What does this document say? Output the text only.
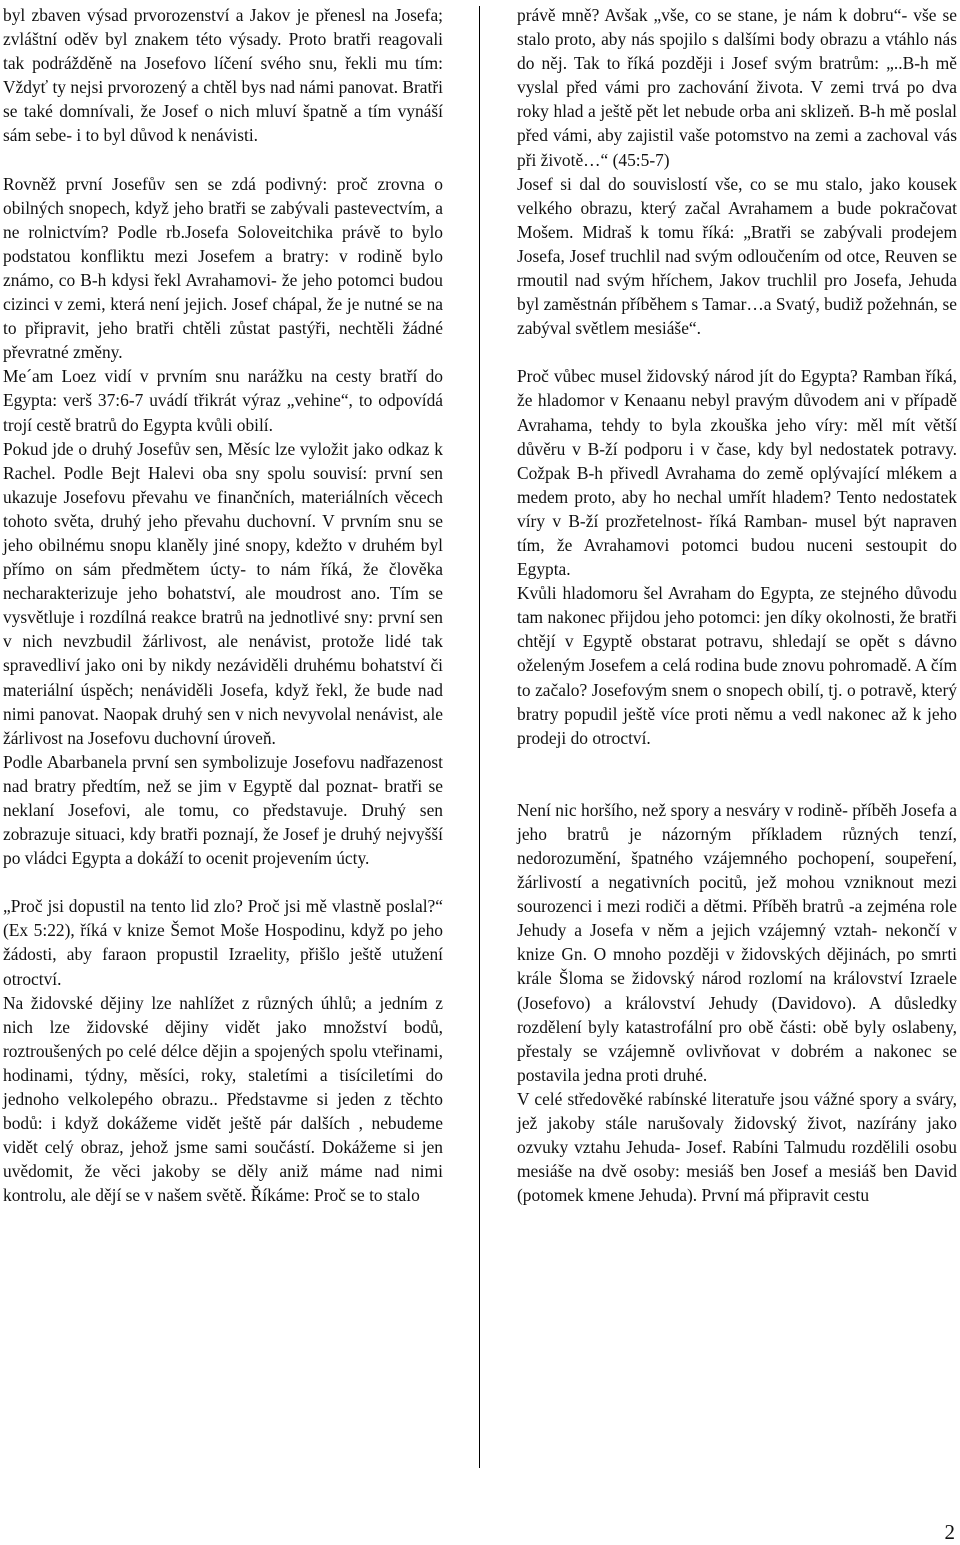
byl zbaven výsad prvorozenství a Jakov je přenesl na Josefa; zvláštní oděv byl znakem této výsady. Proto bratři reagovali tak podrážděně na Josefovo líčení svého snu, řekli mu tím: Vždyť ty nejsi prvorozený a chtěl bys nad námi panovat. Bratři se také domnívali, že Josef o nich mluví špatně a tím vynáší sám sebe- i to byl důvod k nenávisti.

Rovněž první Josefův sen se zdá podivný: proč zrovna o obilných snopech, když jeho bratři se zabývali pastevectvím, a ne rolnictvím? Podle rb.Josefa Soloveitchika právě to bylo podstatou konfliktu mezi Josefem a bratry: v rodině bylo známo, co B-h kdysi řekl Avrahamovi- že jeho potomci budou cizinci v zemi, která není jejich. Josef chápal, že je nutné se na to připravit, jeho bratři chtěli zůstat pastýři, nechtěli žádné převratné změny.

Me´am Loez vidí v prvním snu narážku na cesty bratří do Egypta: verš 37:6-7 uvádí třikrát výraz „vehine“, to odpovídá trojí cestě bratrů do Egypta kvůli obilí.

Pokud jde o druhý Josefův sen, Měsíc lze vyložit jako odkaz k Rachel. Podle Bejt Halevi oba sny spolu souvisí: první sen ukazuje Josefovu převahu ve finančních, materiálních věcech tohoto světa, druhý jeho převahu duchovní. V prvním snu se jeho obilnému snopu klaněly jiné snopy, kdežto v druhém byl přímo on sám předmětem úcty- to nám říká, že člověka necharakterizuje jeho bohatství, ale moudrost ano. Tím se vysvětluje i rozdílná reakce bratrů na jednotlivé sny: první sen v nich nevzbudil žárlivost, ale nenávist, protože lidé tak spravedliví jako oni by nikdy nezáviděli druhému bohatství či materiální úspěch; nenáviděli Josefa, když řekl, že bude nad nimi panovat. Naopak druhý sen v nich nevyvolal nenávist, ale žárlivost na Josefovu duchovní úroveň.

Podle Abarbanela první sen symbolizuje Josefovu nadřazenost nad bratry předtím, než se jim v Egyptě dal poznat- bratři se neklaní Josefovi, ale tomu, co představuje. Druhý sen zobrazuje situaci, kdy bratři poznají, že Josef je druhý nejvyšší po vládci Egypta a dokáží to ocenit projevením úcty.

„Proč jsi dopustil na tento lid zlo? Proč jsi mě vlastně poslal?“ (Ex 5:22), říká v knize Šemot Moše Hospodinu, když po jeho žádosti, aby faraon propustil Izraelity, přišlo ještě utužení otroctví.

Na židovské dějiny lze nahlížet z různých úhlů; a jedním z nich lze židovské dějiny vidět jako množství bodů, roztroušených po celé délce dějin a spojených spolu vteřinami, hodinami, týdny, měsíci, roky, staletími a tisíciletími do jednoho velkolepého obrazu.. Představme si jeden z těchto bodů: i když dokážeme vidět ještě pár dalších , nebudeme vidět celý obraz, jehož jsme sami součástí. Dokážeme si jen uvědomit, že věci jakoby se děly aniž máme nad nimi kontrolu, ale dějí se v našem světě. Říkáme: Proč se to stalo

právě mně? Avšak „vše, co se stane, je nám k dobru“- vše se stalo proto, aby nás spojilo s dalšími body obrazu a vtáhlo nás do něj. Tak to říká později i Josef svým bratrům: „..B-h mě vyslal před vámi pro zachování života. V zemi trvá po dva roky hlad a ještě pět let nebude orba ani sklizeň. B-h mě poslal před vámi, aby zajistil vaše potomstvo na zemi a zachoval vás při životě…“ (45:5-7)

Josef si dal do souvislostí vše, co se mu stalo, jako kousek velkého obrazu, který začal Avrahamem a bude pokračovat Mošem. Midraš k tomu říká: „Bratři se zabývali prodejem Josefa, Josef truchlil nad svým odloučením od otce, Reuven se rmoutil nad svým hříchem, Jakov truchlil pro Josefa, Jehuda byl zaměstnán příběhem s Tamar…a Svatý, budiž požehnán, se zabýval světlem mesiáše“.

Proč vůbec musel židovský národ jít do Egypta? Ramban říká, že hladomor v Kenaanu nebyl pravým důvodem ani v případě Avrahama, tehdy to byla zkouška jeho víry: měl mít větší důvěru v B-ží podporu i v čase, kdy byl nedostatek potravy. Cožpak B-h přivedl Avrahama do země oplývající mlékem a medem proto, aby ho nechal umřít hladem? Tento nedostatek víry v B-ží prozřetelnost- říká Ramban- musel být napraven tím, že Avrahamovi potomci budou nuceni sestoupit do Egypta.

Kvůli hladomoru šel Avraham do Egypta, ze stejného důvodu tam nakonec přijdou jeho potomci: jen díky okolnosti, že bratři chtějí v Egyptě obstarat potravu, shledají se opět s dávno oželeným Josefem a celá rodina bude znovu pohromadě. A čím to začalo? Josefovým snem o snopech obilí, tj. o potravě, který bratry popudil ještě více proti němu a vedl nakonec až k jeho prodeji do otroctví.

Není nic horšího, než spory a nesváry v rodině- příběh Josefa a jeho bratrů je názorným příkladem různých tenzí, nedorozumění, špatného vzájemného pochopení, soupeření, žárlivostí a negativních pocitů, jež mohou vzniknout mezi sourozenci i mezi rodiči a dětmi. Příběh bratrů -a zejména role Jehudy a Josefa v něm a jejich vzájemný vztah- nekončí v knize Gn. O mnoho později v židovských dějinách, po smrti krále Šloma se židovský národ rozlomí na království Izraele (Josefovo) a království Jehudy (Davidovo). A důsledky rozdělení byly katastrofální pro obě části: obě byly oslabeny, přestaly se vzájemně ovlivňovat v dobrém a nakonec se postavila jedna proti druhé.

V celé středověké rabínské literatuře jsou vážné spory a sváry, jež jakoby stále narušovaly židovský život, nazírány jako ozvuky vztahu Jehuda- Josef. Rabíni Talmudu rozdělili osobu mesiáše na dvě osoby: mesiáš ben Josef a mesiáš ben David (potomek kmene Jehuda). První má připravit cestu

2
